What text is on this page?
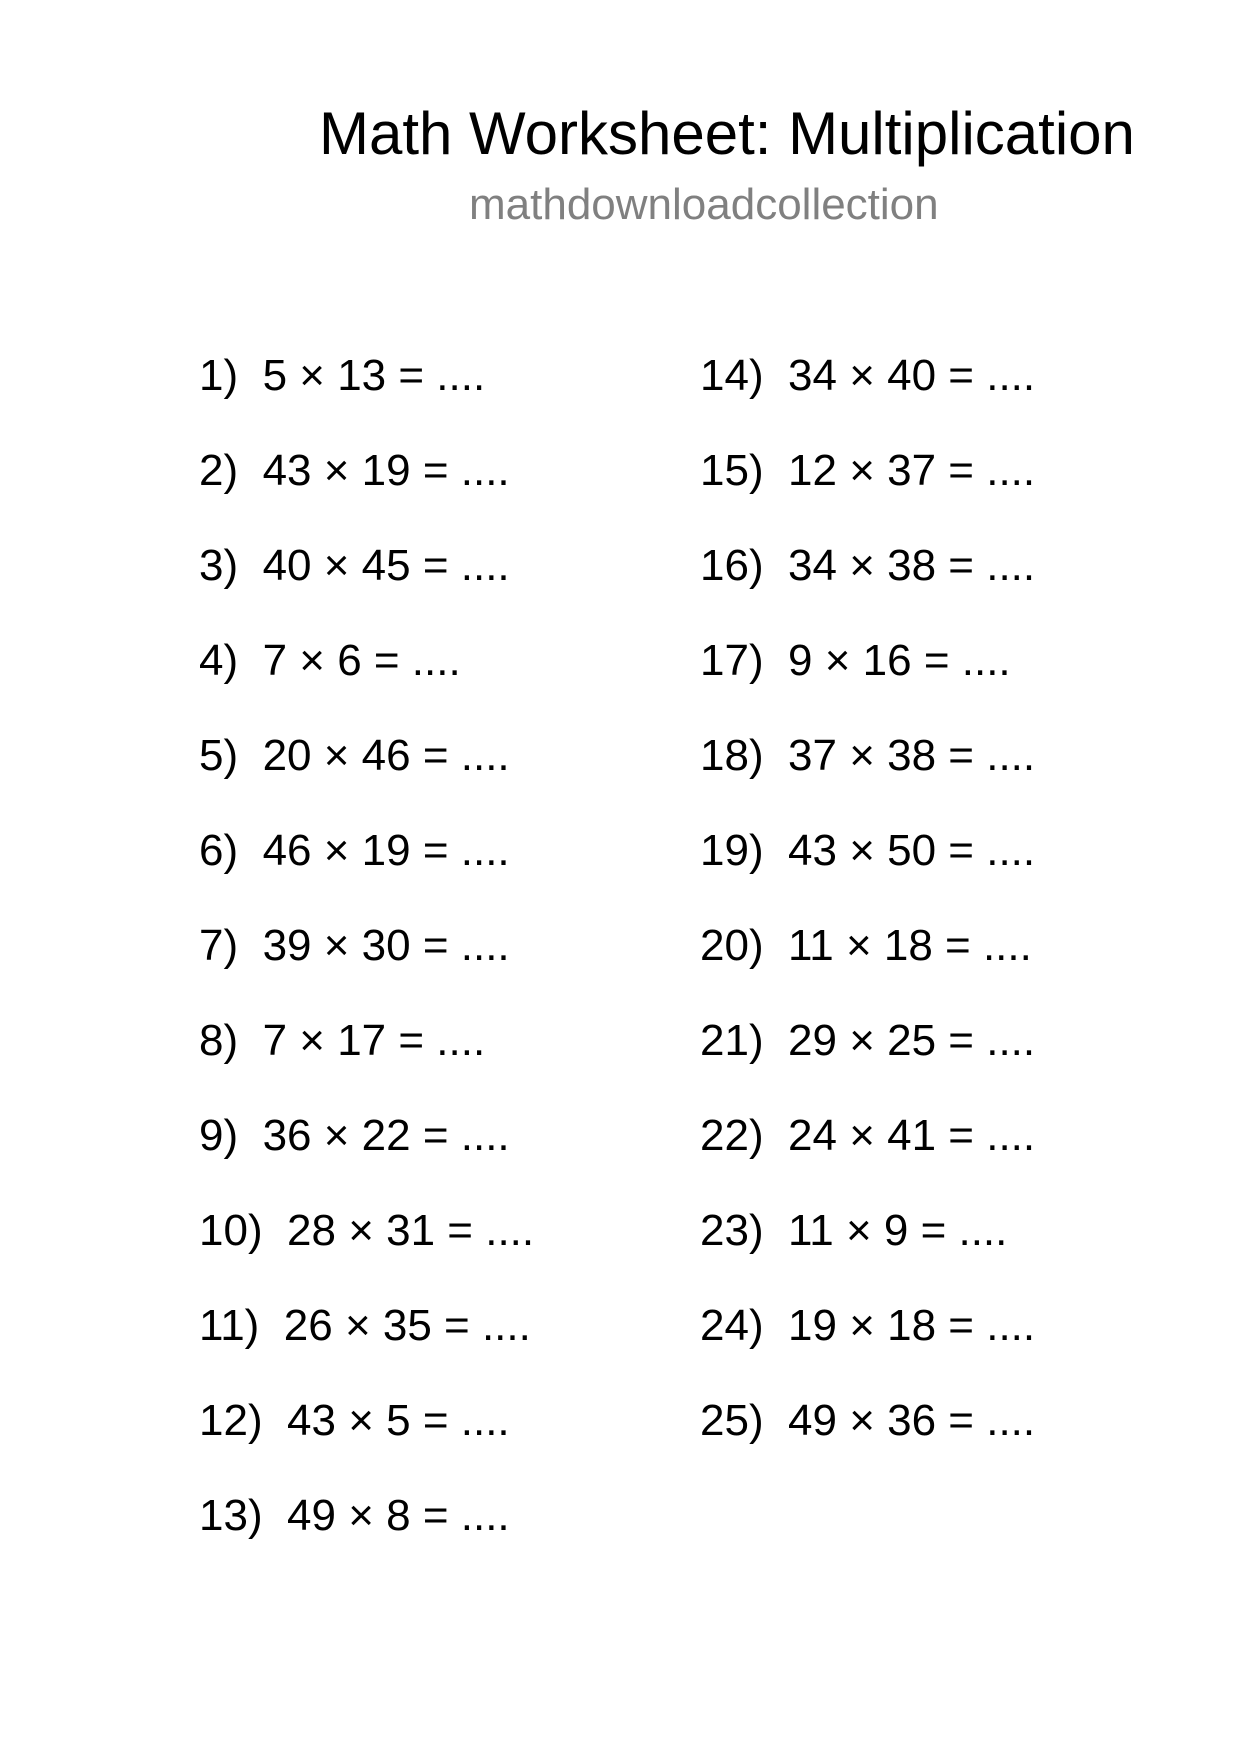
Math Worksheet: Multiplication
mathdownloadcollection
1) 5 × 13 = ....
2) 43 × 19 = ....
3) 40 × 45 = ....
4) 7 × 6 = ....
5) 20 × 46 = ....
6) 46 × 19 = ....
7) 39 × 30 = ....
8) 7 × 17 = ....
9) 36 × 22 = ....
10) 28 × 31 = ....
11) 26 × 35 = ....
12) 43 × 5 = ....
13) 49 × 8 = ....
14) 34 × 40 = ....
15) 12 × 37 = ....
16) 34 × 38 = ....
17) 9 × 16 = ....
18) 37 × 38 = ....
19) 43 × 50 = ....
20) 11 × 18 = ....
21) 29 × 25 = ....
22) 24 × 41 = ....
23) 11 × 9 = ....
24) 19 × 18 = ....
25) 49 × 36 = ....
